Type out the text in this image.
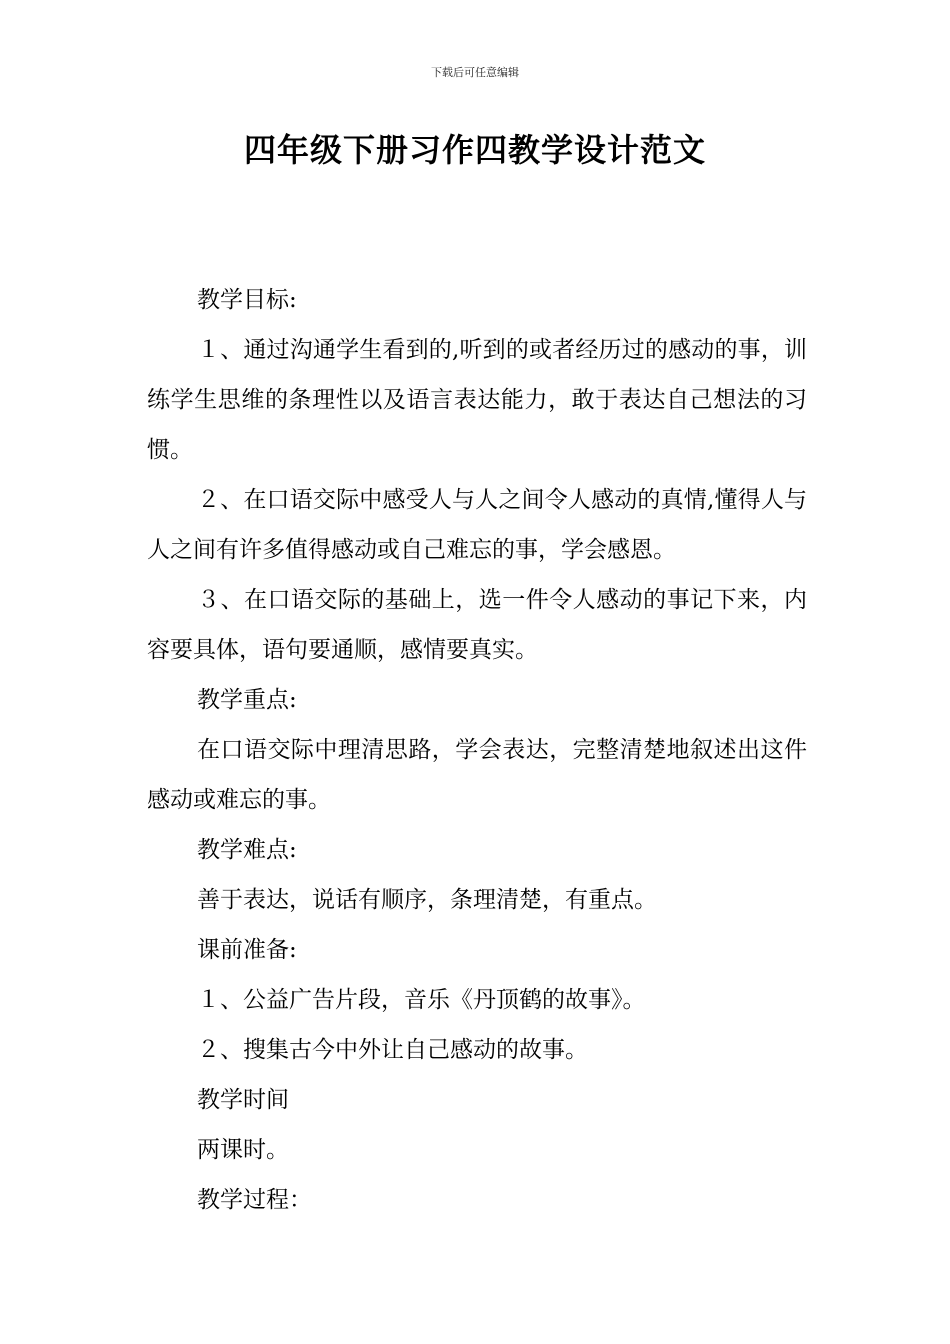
下载后可任意编辑
四年级下册习作四教学设计范文

教学目标:

１、通过沟通学生看到的,听到的或者经历过的感动的事，训练学生思维的条理性以及语言表达能力，敢于表达自己想法的习惯。

２、在口语交际中感受人与人之间令人感动的真情,懂得人与人之间有许多值得感动或自己难忘的事，学会感恩。

３、在口语交际的基础上，选一件令人感动的事记下来，内容要具体，语句要通顺，感情要真实。

教学重点:

在口语交际中理清思路，学会表达，完整清楚地叙述出这件感动或难忘的事。

教学难点:

善于表达，说话有顺序，条理清楚，有重点。

课前准备:

１、公益广告片段，音乐《丹顶鹤的故事》。

２、搜集古今中外让自己感动的故事。

教学时间

两课时。

教学过程：
